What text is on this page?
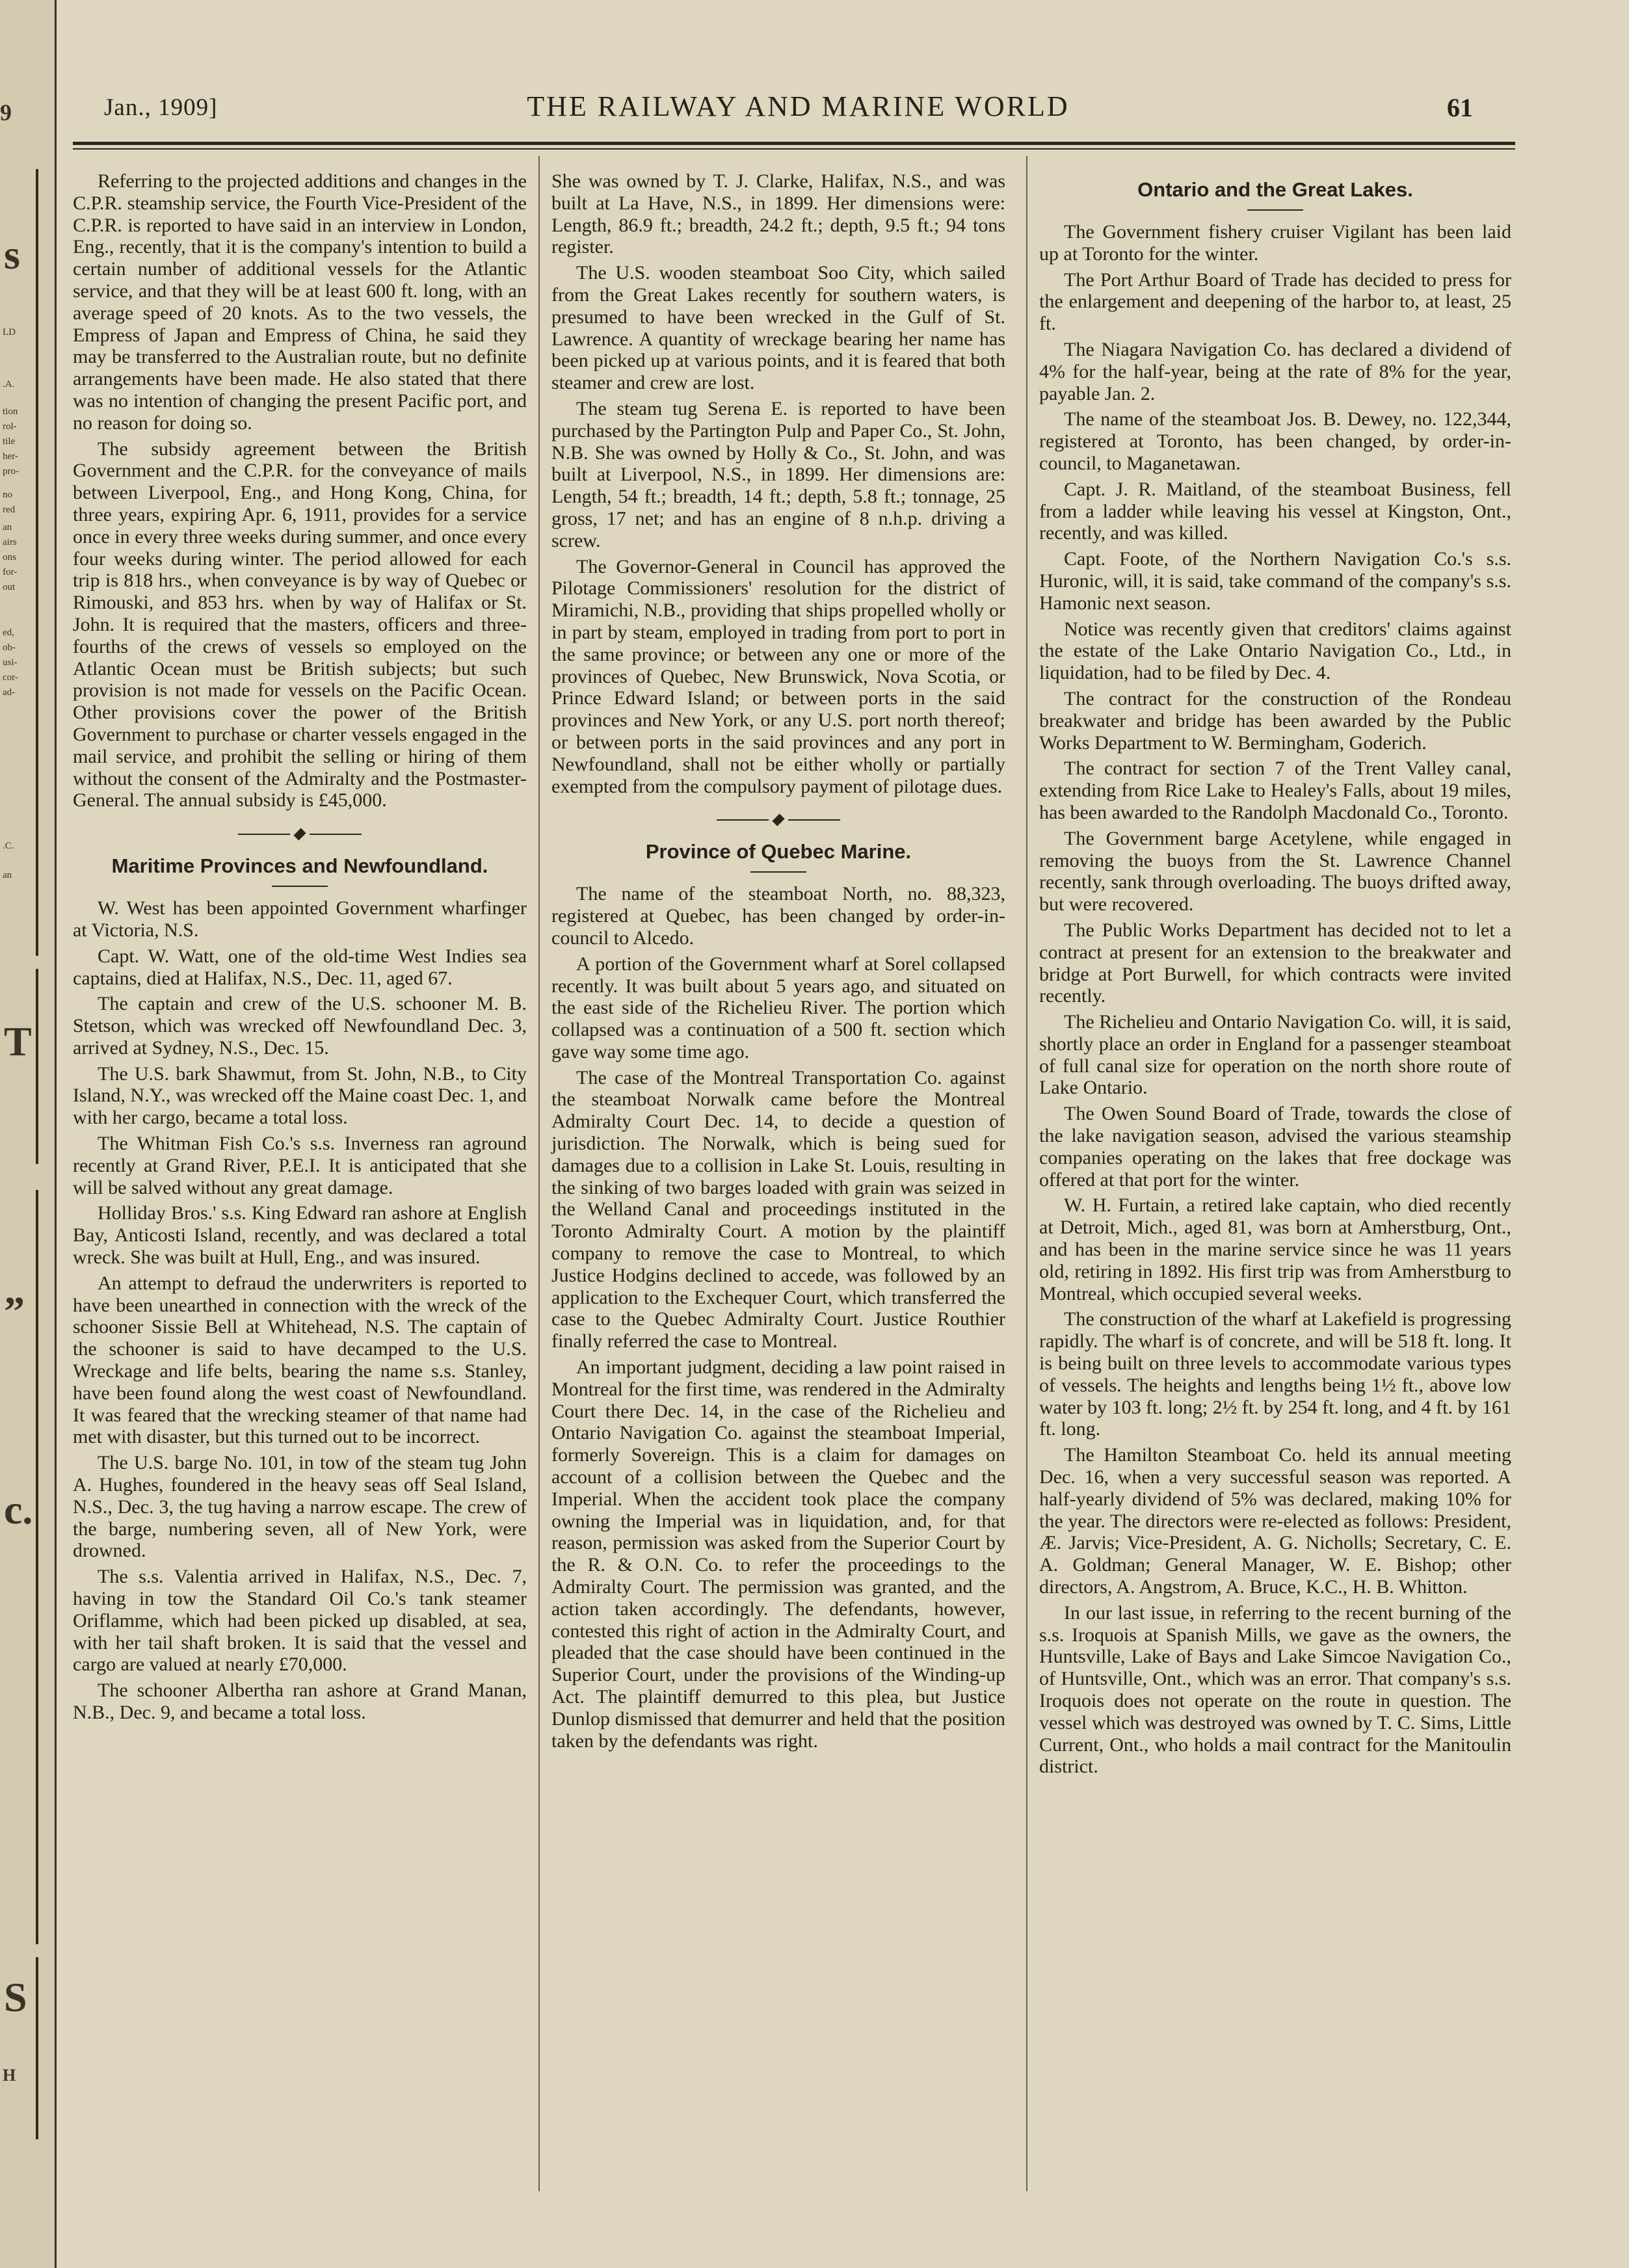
9
s
LD
.A.
tion
rol-
tile
her-
pro-
no
red
an
airs
ons
for-
out
ed,
ob-
usi-
cor-
ad-
.C.
an
T
”
c.
S
H
Jan., 1909]	THE RAILWAY AND MARINE WORLD	61

Referring to the projected additions and changes in the C.P.R. steamship service, the Fourth Vice-President of the C.P.R. is reported to have said in an interview in London, Eng., recently, that it is the company's intention to build a certain number of additional vessels for the Atlantic service, and that they will be at least 600 ft. long, with an average speed of 20 knots. As to the two vessels, the Empress of Japan and Empress of China, he said they may be transferred to the Australian route, but no definite arrangements have been made. He also stated that there was no intention of changing the present Pacific port, and no reason for doing so.

The subsidy agreement between the British Government and the C.P.R. for the conveyance of mails between Liverpool, Eng., and Hong Kong, China, for three years, expiring Apr. 6, 1911, provides for a service once in every three weeks during summer, and once every four weeks during winter. The period allowed for each trip is 818 hrs., when conveyance is by way of Quebec or Rimouski, and 853 hrs. when by way of Halifax or St. John. It is required that the masters, officers and three-fourths of the crews of vessels so employed on the Atlantic Ocean must be British subjects; but such provision is not made for vessels on the Pacific Ocean. Other provisions cover the power of the British Government to purchase or charter vessels engaged in the mail service, and prohibit the selling or hiring of them without the consent of the Admiralty and the Postmaster-General. The annual subsidy is £45,000.

Maritime Provinces and Newfoundland.

W. West has been appointed Government wharfinger at Victoria, N.S.

Capt. W. Watt, one of the old-time West Indies sea captains, died at Halifax, N.S., Dec. 11, aged 67.

The captain and crew of the U.S. schooner M. B. Stetson, which was wrecked off Newfoundland Dec. 3, arrived at Sydney, N.S., Dec. 15.

The U.S. bark Shawmut, from St. John, N.B., to City Island, N.Y., was wrecked off the Maine coast Dec. 1, and with her cargo, became a total loss.

The Whitman Fish Co.'s s.s. Inverness ran aground recently at Grand River, P.E.I. It is anticipated that she will be salved without any great damage.

Holliday Bros.' s.s. King Edward ran ashore at English Bay, Anticosti Island, recently, and was declared a total wreck. She was built at Hull, Eng., and was insured.

An attempt to defraud the underwriters is reported to have been unearthed in connection with the wreck of the schooner Sissie Bell at Whitehead, N.S. The captain of the schooner is said to have decamped to the U.S. Wreckage and life belts, bearing the name s.s. Stanley, have been found along the west coast of Newfoundland. It was feared that the wrecking steamer of that name had met with disaster, but this turned out to be incorrect.

The U.S. barge No. 101, in tow of the steam tug John A. Hughes, foundered in the heavy seas off Seal Island, N.S., Dec. 3, the tug having a narrow escape. The crew of the barge, numbering seven, all of New York, were drowned.

The s.s. Valentia arrived in Halifax, N.S., Dec. 7, having in tow the Standard Oil Co.'s tank steamer Oriflamme, which had been picked up disabled, at sea, with her tail shaft broken. It is said that the vessel and cargo are valued at nearly £70,000.

The schooner Albertha ran ashore at Grand Manan, N.B., Dec. 9, and became a total loss.

She was owned by T. J. Clarke, Halifax, N.S., and was built at La Have, N.S., in 1899. Her dimensions were: Length, 86.9 ft.; breadth, 24.2 ft.; depth, 9.5 ft.; 94 tons register.

The U.S. wooden steamboat Soo City, which sailed from the Great Lakes recently for southern waters, is presumed to have been wrecked in the Gulf of St. Lawrence. A quantity of wreckage bearing her name has been picked up at various points, and it is feared that both steamer and crew are lost.

The steam tug Serena E. is reported to have been purchased by the Partington Pulp and Paper Co., St. John, N.B. She was owned by Holly & Co., St. John, and was built at Liverpool, N.S., in 1899. Her dimensions are: Length, 54 ft.; breadth, 14 ft.; depth, 5.8 ft.; tonnage, 25 gross, 17 net; and has an engine of 8 n.h.p. driving a screw.

The Governor-General in Council has approved the Pilotage Commissioners' resolution for the district of Miramichi, N.B., providing that ships propelled wholly or in part by steam, employed in trading from port to port in the same province; or between any one or more of the provinces of Quebec, New Brunswick, Nova Scotia, or Prince Edward Island; or between ports in the said provinces and New York, or any U.S. port north thereof; or between ports in the said provinces and any port in Newfoundland, shall not be either wholly or partially exempted from the compulsory payment of pilotage dues.

Province of Quebec Marine.

The name of the steamboat North, no. 88,323, registered at Quebec, has been changed by order-in-council to Alcedo.

A portion of the Government wharf at Sorel collapsed recently. It was built about 5 years ago, and situated on the east side of the Richelieu River. The portion which collapsed was a continuation of a 500 ft. section which gave way some time ago.

The case of the Montreal Transportation Co. against the steamboat Norwalk came before the Montreal Admiralty Court Dec. 14, to decide a question of jurisdiction. The Norwalk, which is being sued for damages due to a collision in Lake St. Louis, resulting in the sinking of two barges loaded with grain was seized in the Welland Canal and proceedings instituted in the Toronto Admiralty Court. A motion by the plaintiff company to remove the case to Montreal, to which Justice Hodgins declined to accede, was followed by an application to the Exchequer Court, which transferred the case to the Quebec Admiralty Court. Justice Routhier finally referred the case to Montreal.

An important judgment, deciding a law point raised in Montreal for the first time, was rendered in the Admiralty Court there Dec. 14, in the case of the Richelieu and Ontario Navigation Co. against the steamboat Imperial, formerly Sovereign. This is a claim for damages on account of a collision between the Quebec and the Imperial. When the accident took place the company owning the Imperial was in liquidation, and, for that reason, permission was asked from the Superior Court by the R. & O.N. Co. to refer the proceedings to the Admiralty Court. The permission was granted, and the action taken accordingly. The defendants, however, contested this right of action in the Admiralty Court, and pleaded that the case should have been continued in the Superior Court, under the provisions of the Winding-up Act. The plaintiff demurred to this plea, but Justice Dunlop dismissed that demurrer and held that the position taken by the defendants was right.

Ontario and the Great Lakes.

The Government fishery cruiser Vigilant has been laid up at Toronto for the winter.

The Port Arthur Board of Trade has decided to press for the enlargement and deepening of the harbor to, at least, 25 ft.

The Niagara Navigation Co. has declared a dividend of 4% for the half-year, being at the rate of 8% for the year, payable Jan. 2.

The name of the steamboat Jos. B. Dewey, no. 122,344, registered at Toronto, has been changed, by order-in-council, to Maganetawan.

Capt. J. R. Maitland, of the steamboat Business, fell from a ladder while leaving his vessel at Kingston, Ont., recently, and was killed.

Capt. Foote, of the Northern Navigation Co.'s s.s. Huronic, will, it is said, take command of the company's s.s. Hamonic next season.

Notice was recently given that creditors' claims against the estate of the Lake Ontario Navigation Co., Ltd., in liquidation, had to be filed by Dec. 4.

The contract for the construction of the Rondeau breakwater and bridge has been awarded by the Public Works Department to W. Bermingham, Goderich.

The contract for section 7 of the Trent Valley canal, extending from Rice Lake to Healey's Falls, about 19 miles, has been awarded to the Randolph Macdonald Co., Toronto.

The Government barge Acetylene, while engaged in removing the buoys from the St. Lawrence Channel recently, sank through overloading. The buoys drifted away, but were recovered.

The Public Works Department has decided not to let a contract at present for an extension to the breakwater and bridge at Port Burwell, for which contracts were invited recently.

The Richelieu and Ontario Navigation Co. will, it is said, shortly place an order in England for a passenger steamboat of full canal size for operation on the north shore route of Lake Ontario.

The Owen Sound Board of Trade, towards the close of the lake navigation season, advised the various steamship companies operating on the lakes that free dockage was offered at that port for the winter.

W. H. Furtain, a retired lake captain, who died recently at Detroit, Mich., aged 81, was born at Amherstburg, Ont., and has been in the marine service since he was 11 years old, retiring in 1892. His first trip was from Amherstburg to Montreal, which occupied several weeks.

The construction of the wharf at Lakefield is progressing rapidly. The wharf is of concrete, and will be 518 ft. long. It is being built on three levels to accommodate various types of vessels. The heights and lengths being 1½ ft., above low water by 103 ft. long; 2½ ft. by 254 ft. long, and 4 ft. by 161 ft. long.

The Hamilton Steamboat Co. held its annual meeting Dec. 16, when a very successful season was reported. A half-yearly dividend of 5% was declared, making 10% for the year. The directors were re-elected as follows: President, Æ. Jarvis; Vice-President, A. G. Nicholls; Secretary, C. E. A. Goldman; General Manager, W. E. Bishop; other directors, A. Angstrom, A. Bruce, K.C., H. B. Whitton.

In our last issue, in referring to the recent burning of the s.s. Iroquois at Spanish Mills, we gave as the owners, the Huntsville, Lake of Bays and Lake Simcoe Navigation Co., of Huntsville, Ont., which was an error. That company's s.s. Iroquois does not operate on the route in question. The vessel which was destroyed was owned by T. C. Sims, Little Current, Ont., who holds a mail contract for the Manitoulin district.
